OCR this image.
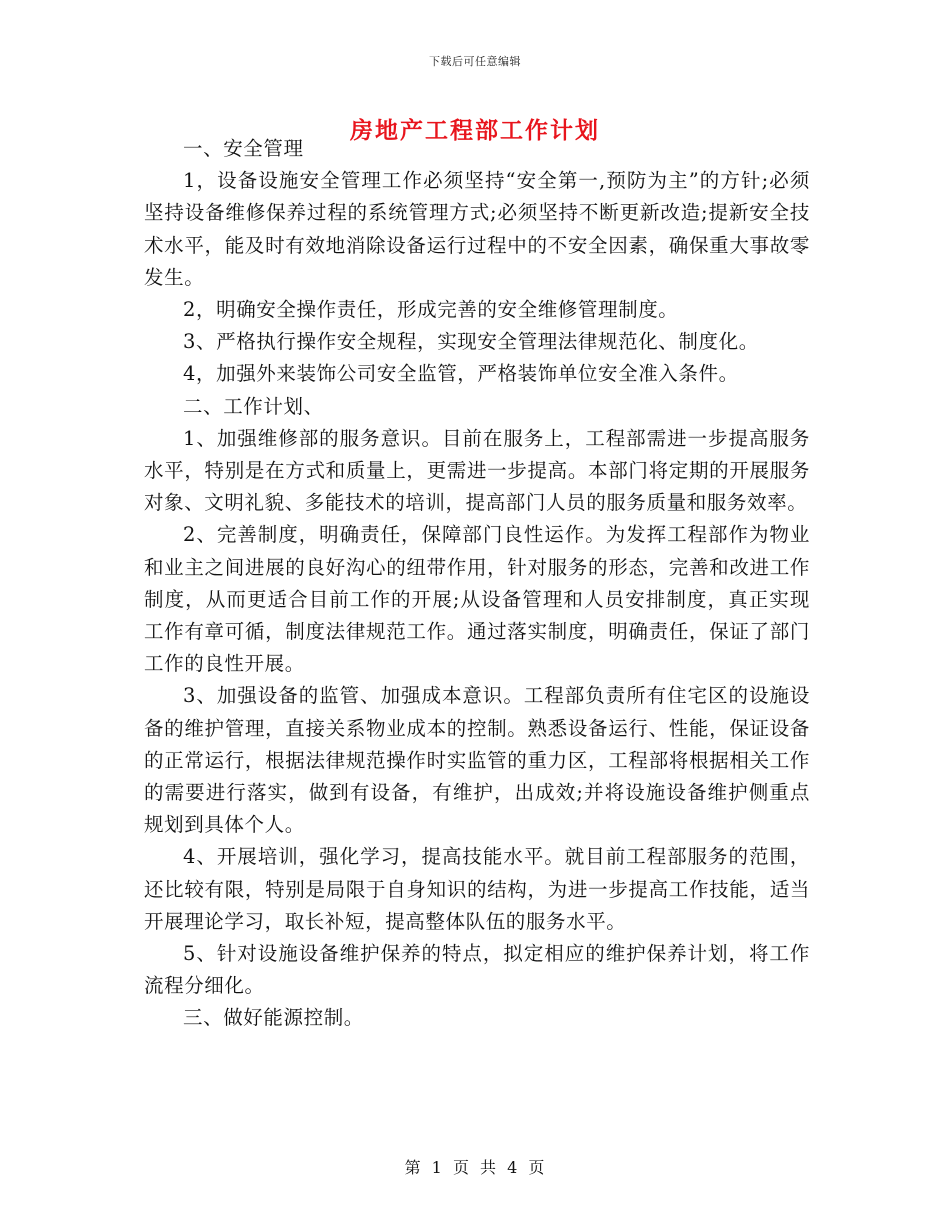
下载后可任意编辑
房地产工程部工作计划

一、安全管理

1，设备设施安全管理工作必须坚持“安全第一,预防为主”的方针;必须坚持设备维修保养过程的系统管理方式;必须坚持不断更新改造;提新安全技术水平，能及时有效地消除设备运行过程中的不安全因素，确保重大事故零发生。

2，明确安全操作责任，形成完善的安全维修管理制度。

3、严格执行操作安全规程，实现安全管理法律规范化、制度化。

4，加强外来装饰公司安全监管，严格装饰单位安全准入条件。

二、工作计划、

1、加强维修部的服务意识。目前在服务上，工程部需进一步提高服务水平，特别是在方式和质量上，更需进一步提高。本部门将定期的开展服务对象、文明礼貌、多能技术的培训，提高部门人员的服务质量和服务效率。

2、完善制度，明确责任，保障部门良性运作。为发挥工程部作为物业和业主之间进展的良好沟心的纽带作用，针对服务的形态，完善和改进工作制度，从而更适合目前工作的开展;从设备管理和人员安排制度，真正实现工作有章可循，制度法律规范工作。通过落实制度，明确责任，保证了部门工作的良性开展。

3、加强设备的监管、加强成本意识。工程部负责所有住宅区的设施设备的维护管理，直接关系物业成本的控制。熟悉设备运行、性能，保证设备的正常运行，根据法律规范操作时实监管的重力区，工程部将根据相关工作的需要进行落实，做到有设备，有维护，出成效;并将设施设备维护侧重点规划到具体个人。

4、开展培训，强化学习，提高技能水平。就目前工程部服务的范围，还比较有限，特别是局限于自身知识的结构，为进一步提高工作技能，适当开展理论学习，取长补短，提高整体队伍的服务水平。

5、针对设施设备维护保养的特点，拟定相应的维护保养计划，将工作流程分细化。

三、做好能源控制。

第 1 页 共 4 页
